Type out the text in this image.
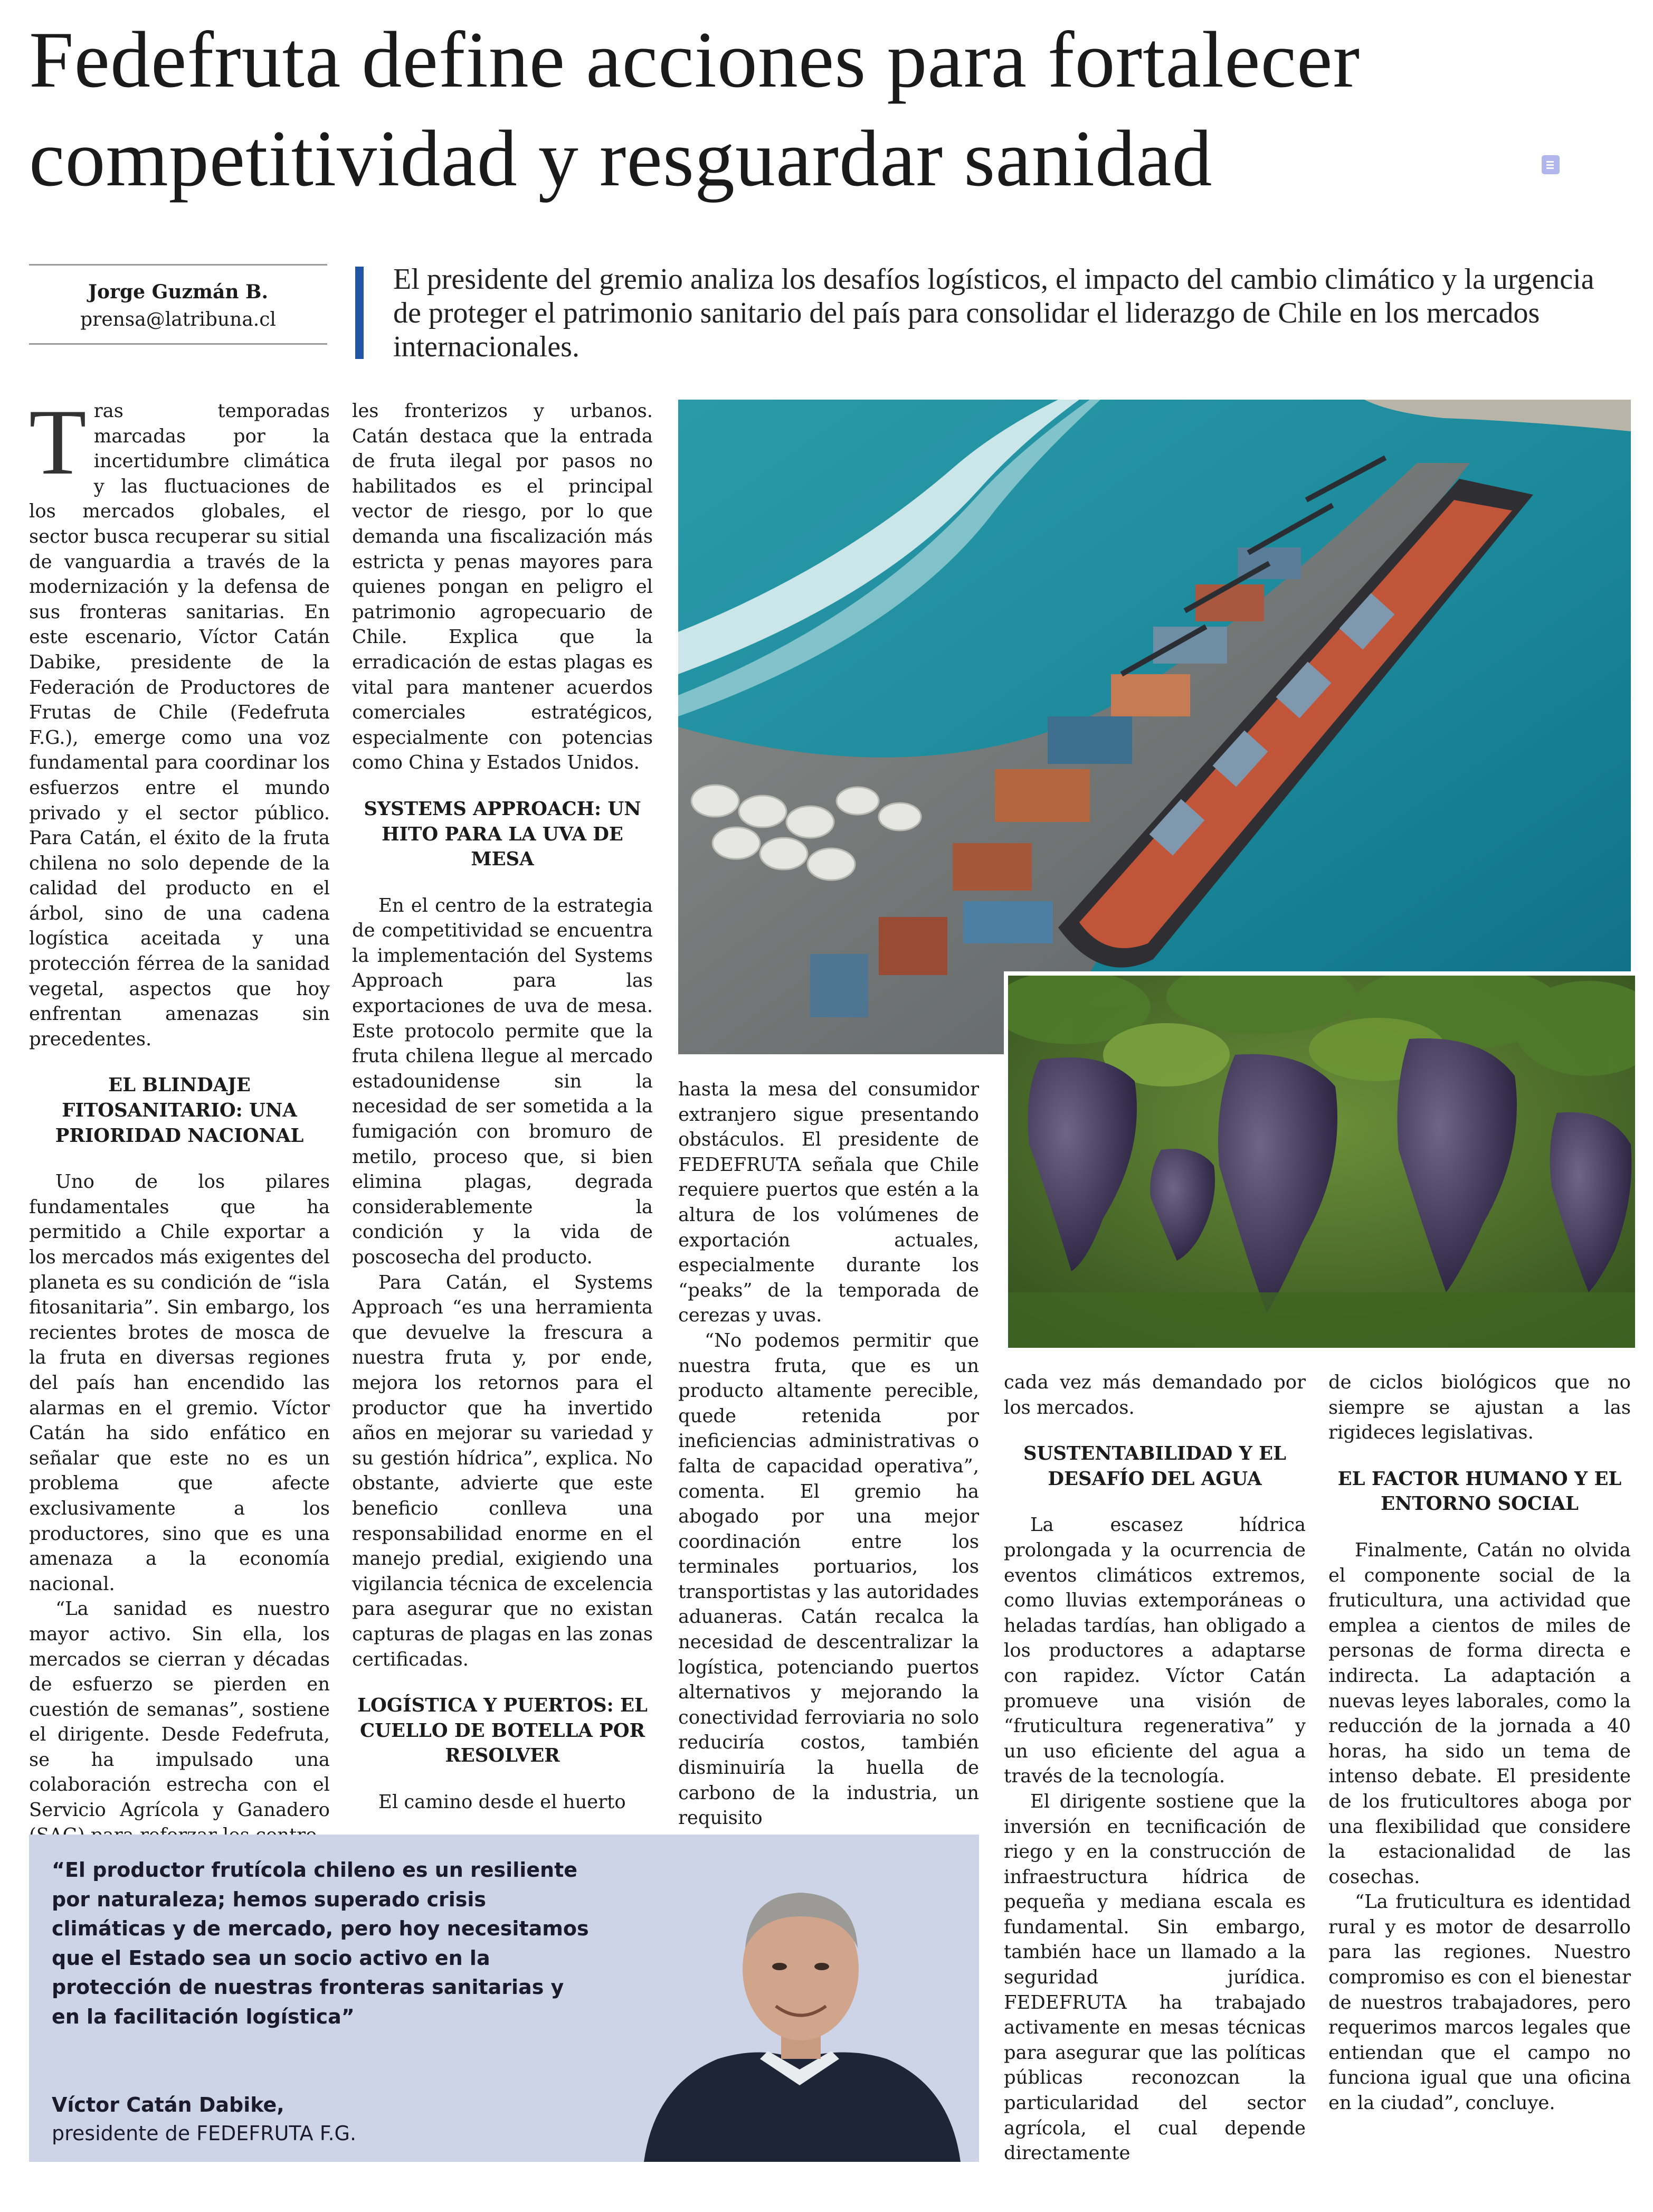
Fedefruta define acciones para fortalecer competitividad y resguardar sanidad
Jorge Guzmán B.
prensa@latribuna.cl
El presidente del gremio analiza los desafíos logísticos, el impacto del cambio climático y la urgencia de proteger el patrimonio sanitario del país para consolidar el liderazgo de Chile en los mercados internacionales.
T ras temporadas marcadas por la incertidumbre climática y las fluctuaciones de los mercados globales, el sector busca recuperar su sitial de vanguardia a través de la modernización y la defensa de sus fronteras sanitarias. En este escenario, Víctor Catán Dabike, presidente de la Federación de Productores de Frutas de Chile (Fedefruta F.G.), emerge como una voz fundamental para coordinar los esfuerzos entre el mundo privado y el sector público. Para Catán, el éxito de la fruta chilena no solo depende de la calidad del producto en el árbol, sino de una cadena logística aceitada y una protección férrea de la sanidad vegetal, aspectos que hoy enfrentan amenazas sin precedentes.

EL BLINDAJE FITOSANITARIO: UNA PRIORIDAD NACIONAL

Uno de los pilares fundamentales que ha permitido a Chile exportar a los mercados más exigentes del planeta es su condición de “isla fitosanitaria”. Sin embargo, los recientes brotes de mosca de la fruta en diversas regiones del país han encendido las alarmas en el gremio. Víctor Catán ha sido enfático en señalar que este no es un problema que afecte exclusivamente a los productores, sino que es una amenaza a la economía nacional.

“La sanidad es nuestro mayor activo. Sin ella, los mercados se cierran y décadas de esfuerzo se pierden en cuestión de semanas”, sostiene el dirigente. Desde Fedefruta, se ha impulsado una colaboración estrecha con el Servicio Agrícola y Ganadero

les fronterizos y urbanos. Catán destaca que la entrada de fruta ilegal por pasos no habilitados es el principal vector de riesgo, por lo que demanda una fiscalización más estricta y penas mayores para quienes pongan en peligro el patrimonio agropecuario de Chile. Explica que la erradicación de estas plagas es vital para mantener acuerdos comerciales estratégicos, especialmente con potencias como China y Estados Unidos.

SYSTEMS APPROACH: UN HITO PARA LA UVA DE MESA

En el centro de la estrategia de competitividad se encuentra la implementación del Systems Approach para las exportaciones de uva de mesa. Este protocolo permite que la fruta chilena llegue al mercado estadounidense sin la necesidad de ser sometida a la fumigación con bromuro de metilo, proceso que, si bien elimina plagas, degrada considerablemente la condición y la vida de poscosecha del producto.

Para Catán, el Systems Approach “es una herramienta que devuelve la frescura a nuestra fruta y, por ende, mejora los retornos para el productor que ha invertido años en mejorar su variedad y su gestión hídrica”, explica. No obstante, advierte que este beneficio conlleva una responsabilidad enorme en el manejo predial, exigiendo una vigilancia técnica de excelencia para asegurar que no existan capturas de plagas en las zonas certificadas.

LOGÍSTICA Y PUERTOS: EL CUELLO DE BOTELLA POR RESOLVER

El camino desde el huerto

hasta la mesa del consumidor extranjero sigue presentando obstáculos. El presidente de FEDEFRUTA señala que Chile requiere puertos que estén a la altura de los volúmenes de exportación actuales, especialmente durante los “peaks” de la temporada de cerezas y uvas.

“No podemos permitir que nuestra fruta, que es un producto altamente perecible, quede retenida por ineficiencias administrativas o falta de capacidad operativa”, comenta. El gremio ha abogado por una mejor coordinación entre los terminales portuarios, los transportistas y las autoridades aduaneras. Catán recalca la necesidad de descentralizar la logística, potenciando puertos alternativos y mejorando la conectividad ferroviaria no solo reduciría costos, también disminuiría la huella de carbono de la industria, un requisito

cada vez más demandado por los mercados.

SUSTENTABILIDAD Y EL DESAFÍO DEL AGUA

La escasez hídrica prolongada y la ocurrencia de eventos climáticos extremos, como lluvias extemporáneas o heladas tardías, han obligado a los productores a adaptarse con rapidez. Víctor Catán promueve una visión de “fruticultura regenerativa” y un uso eficiente del agua a través de la tecnología.

El dirigente sostiene que la inversión en tecnificación de riego y en la construcción de infraestructura hídrica de pequeña y mediana escala es fundamental. Sin embargo, también hace un llamado a la seguridad jurídica. FEDEFRUTA ha trabajado activamente en mesas técnicas para asegurar que las políticas públicas reconozcan la particularidad del sector agrícola, el cual depende directamente

de ciclos biológicos que no siempre se ajustan a las rigideces legislativas.

EL FACTOR HUMANO Y EL ENTORNO SOCIAL

Finalmente, Catán no olvida el componente social de la fruticultura, una actividad que emplea a cientos de miles de personas de forma directa e indirecta. La adaptación a nuevas leyes laborales, como la reducción de la jornada a 40 horas, ha sido un tema de intenso debate. El presidente de los fruticultores aboga por una flexibilidad que considere la estacionalidad de las cosechas.

“La fruticultura es identidad rural y es motor de desarrollo para las regiones. Nuestro compromiso es con el bienestar de nuestros trabajadores, pero requerimos marcos legales que entiendan que el campo no funciona igual que una oficina en la ciudad”, concluye.

“El productor frutícola chileno es un resiliente por naturaleza; hemos superado crisis climáticas y de mercado, pero hoy necesitamos que el Estado sea un socio activo en la protección de nuestras fronteras sanitarias y en la facilitación logística”
Víctor Catán Dabike,
presidente de FEDEFRUTA F.G.
